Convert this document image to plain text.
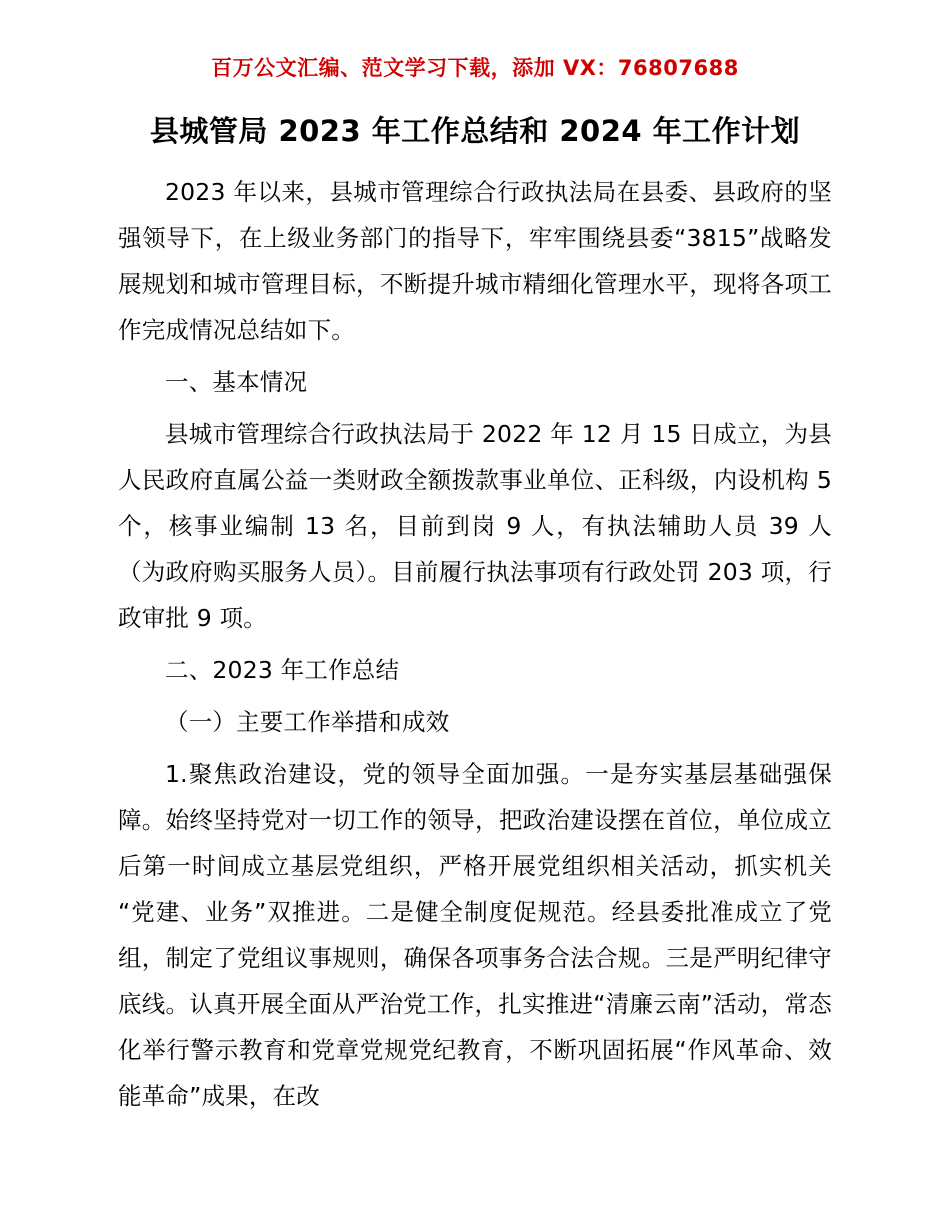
百万公文汇编、范文学习下载，添加 VX：76807688
县城管局 2023 年工作总结和 2024 年工作计划

2023 年以来，县城市管理综合行政执法局在县委、县政府的坚强领导下，在上级业务部门的指导下，牢牢围绕县委“3815”战略发展规划和城市管理目标，不断提升城市精细化管理水平，现将各项工作完成情况总结如下。

一、基本情况

县城市管理综合行政执法局于 2022 年 12 月 15 日成立，为县人民政府直属公益一类财政全额拨款事业单位、正科级，内设机构 5 个，核事业编制 13 名，目前到岗 9 人，有执法辅助人员 39 人（为政府购买服务人员）。目前履行执法事项有行政处罚 203 项，行政审批 9 项。

二、2023 年工作总结

（一）主要工作举措和成效

1.聚焦政治建设，党的领导全面加强。一是夯实基层基础强保障。始终坚持党对一切工作的领导，把政治建设摆在首位，单位成立后第一时间成立基层党组织，严格开展党组织相关活动，抓实机关“党建、业务”双推进。二是健全制度促规范。经县委批准成立了党组，制定了党组议事规则，确保各项事务合法合规。三是严明纪律守底线。认真开展全面从严治党工作，扎实推进“清廉云南”活动，常态化举行警示教育和党章党规党纪教育，不断巩固拓展“作风革命、效能革命”成果，在改
